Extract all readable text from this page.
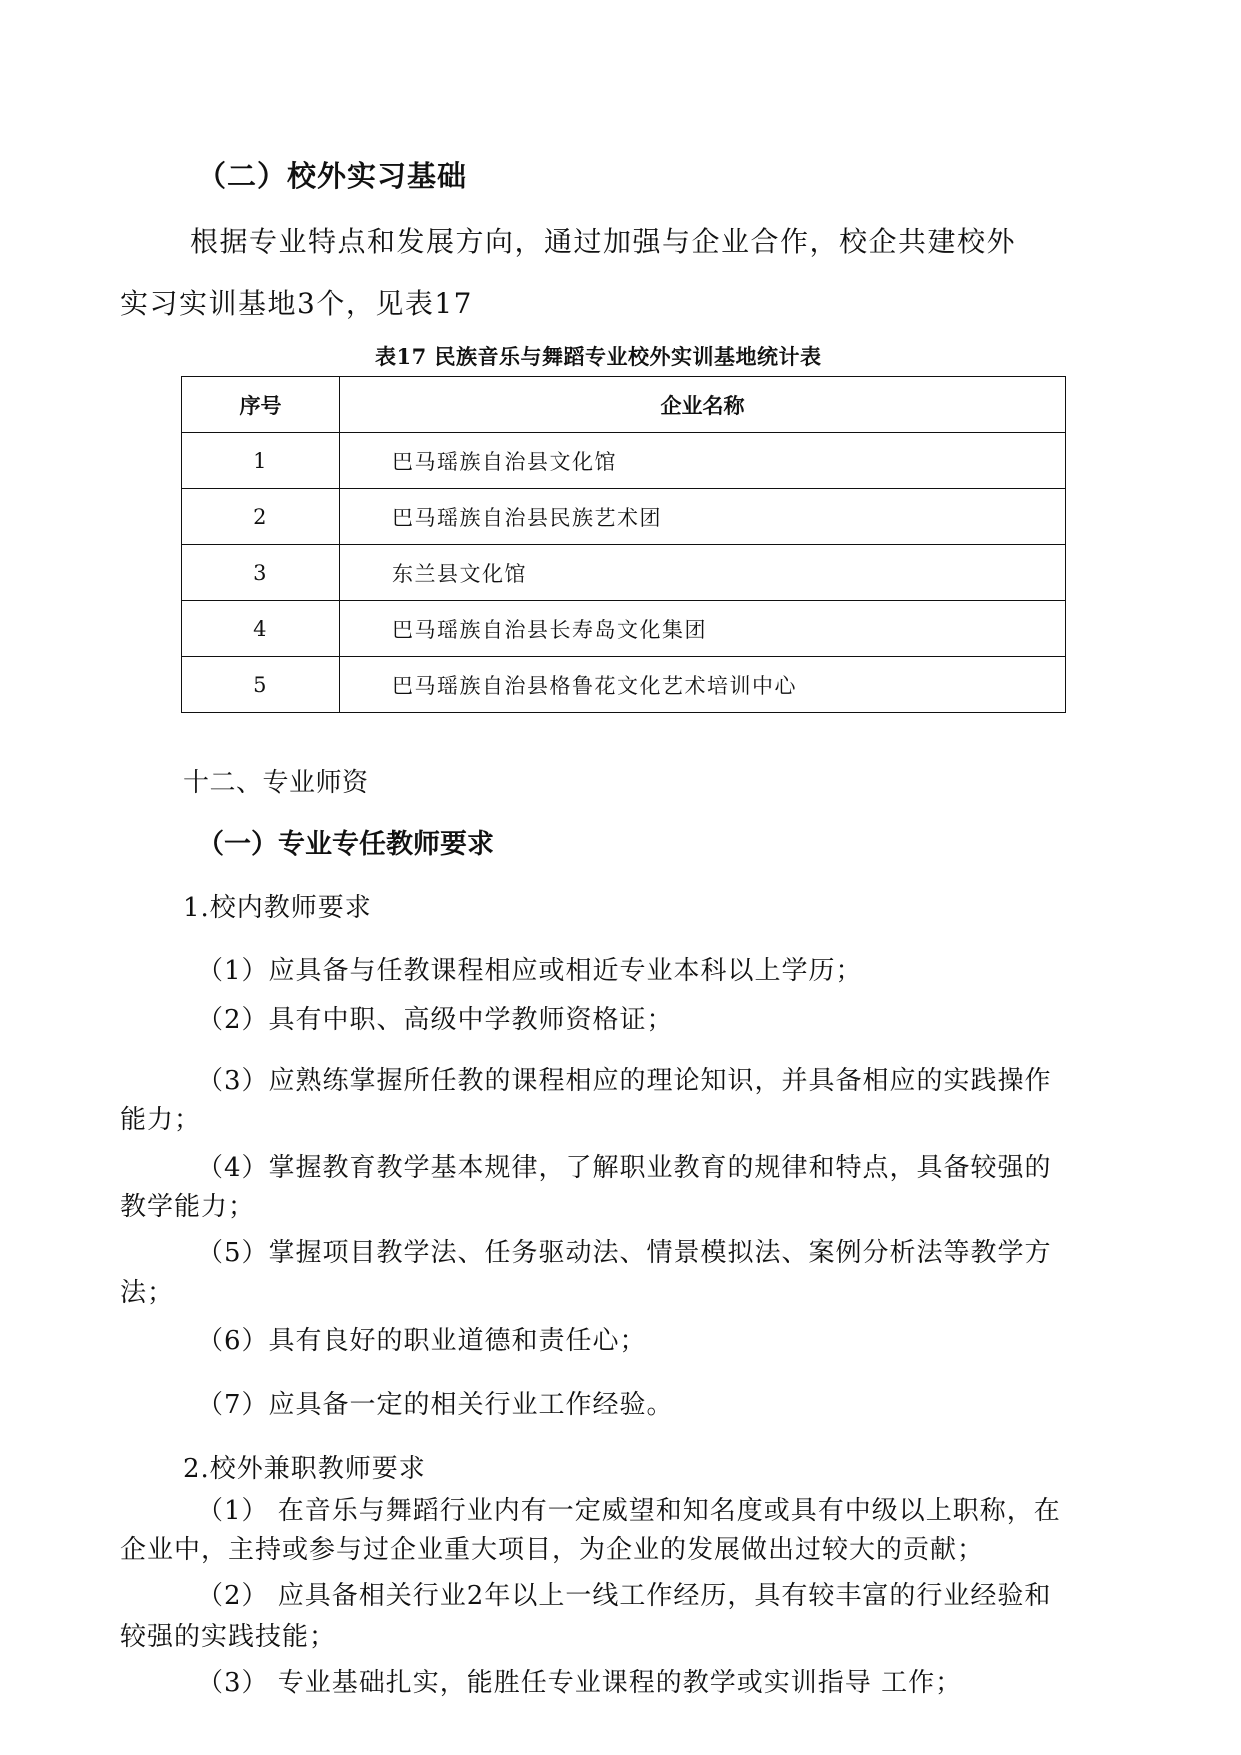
（二）校外实习基础
根据专业特点和发展方向，通过加强与企业合作，校企共建校外
实习实训基地3个，见表17
表17 民族音乐与舞蹈专业校外实训基地统计表
序号	企业名称
1	巴马瑶族自治县文化馆
2	巴马瑶族自治县民族艺术团
3	东兰县文化馆
4	巴马瑶族自治县长寿岛文化集团
5	巴马瑶族自治县格鲁花文化艺术培训中心
十二、专业师资
（一）专业专任教师要求
1.校内教师要求
（1）应具备与任教课程相应或相近专业本科以上学历；
（2）具有中职、高级中学教师资格证；
（3）应熟练掌握所任教的课程相应的理论知识，并具备相应的实践操作
能力；
（4）掌握教育教学基本规律，了解职业教育的规律和特点，具备较强的
教学能力；
（5）掌握项目教学法、任务驱动法、情景模拟法、案例分析法等教学方
法；
（6）具有良好的职业道德和责任心；
（7）应具备一定的相关行业工作经验。
2.校外兼职教师要求
（1） 在音乐与舞蹈行业内有一定威望和知名度或具有中级以上职称，在
企业中，主持或参与过企业重大项目，为企业的发展做出过较大的贡献；
（2） 应具备相关行业2年以上一线工作经历，具有较丰富的行业经验和
较强的实践技能；
（3） 专业基础扎实，能胜任专业课程的教学或实训指导 工作；
